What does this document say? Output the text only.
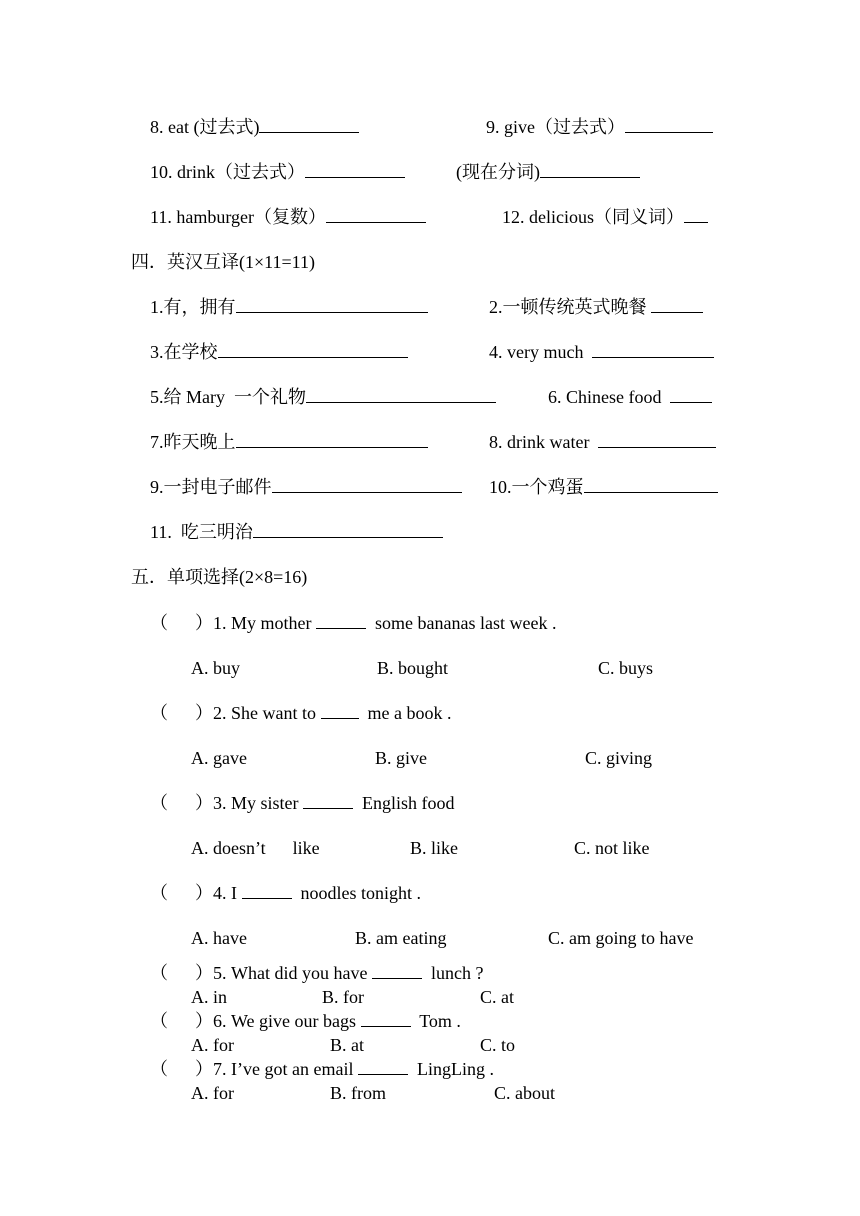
8. eat (过去式)	9. give（过去式）
10. drink（过去式）	(现在分词)
11. hamburger（复数）	12. delicious（同义词）
四．英汉互译(1×11=11)
1.有，拥有	2.一顿传统英式晚餐
3.在学校	4. very much
5.给 Mary  一个礼物	6. Chinese food
7.昨天晚上	8. drink water
9.一封电子邮件	10.一个鸡蛋
11.  吃三明治
五．单项选择(2×8=16)
（      ）1. My mother	some bananas last week .
A. buy	B. bought	C. buys
（      ）2. She want to   me a book .
A. gave	B. give	C. giving
（      ）3. My sister	English food
A. doesn’t      like	B. like	C. not like
（      ）4. I	noodles tonight .
A. have	B. am eating	C. am going to have
（      ）5. What did you have	lunch ?
A. in	B. for	C. at
（      ）6. We give our bags	Tom .
A. for	B. at	C. to
（      ）7. I’ve got an email	LingLing .
A. for	B. from	C. about
